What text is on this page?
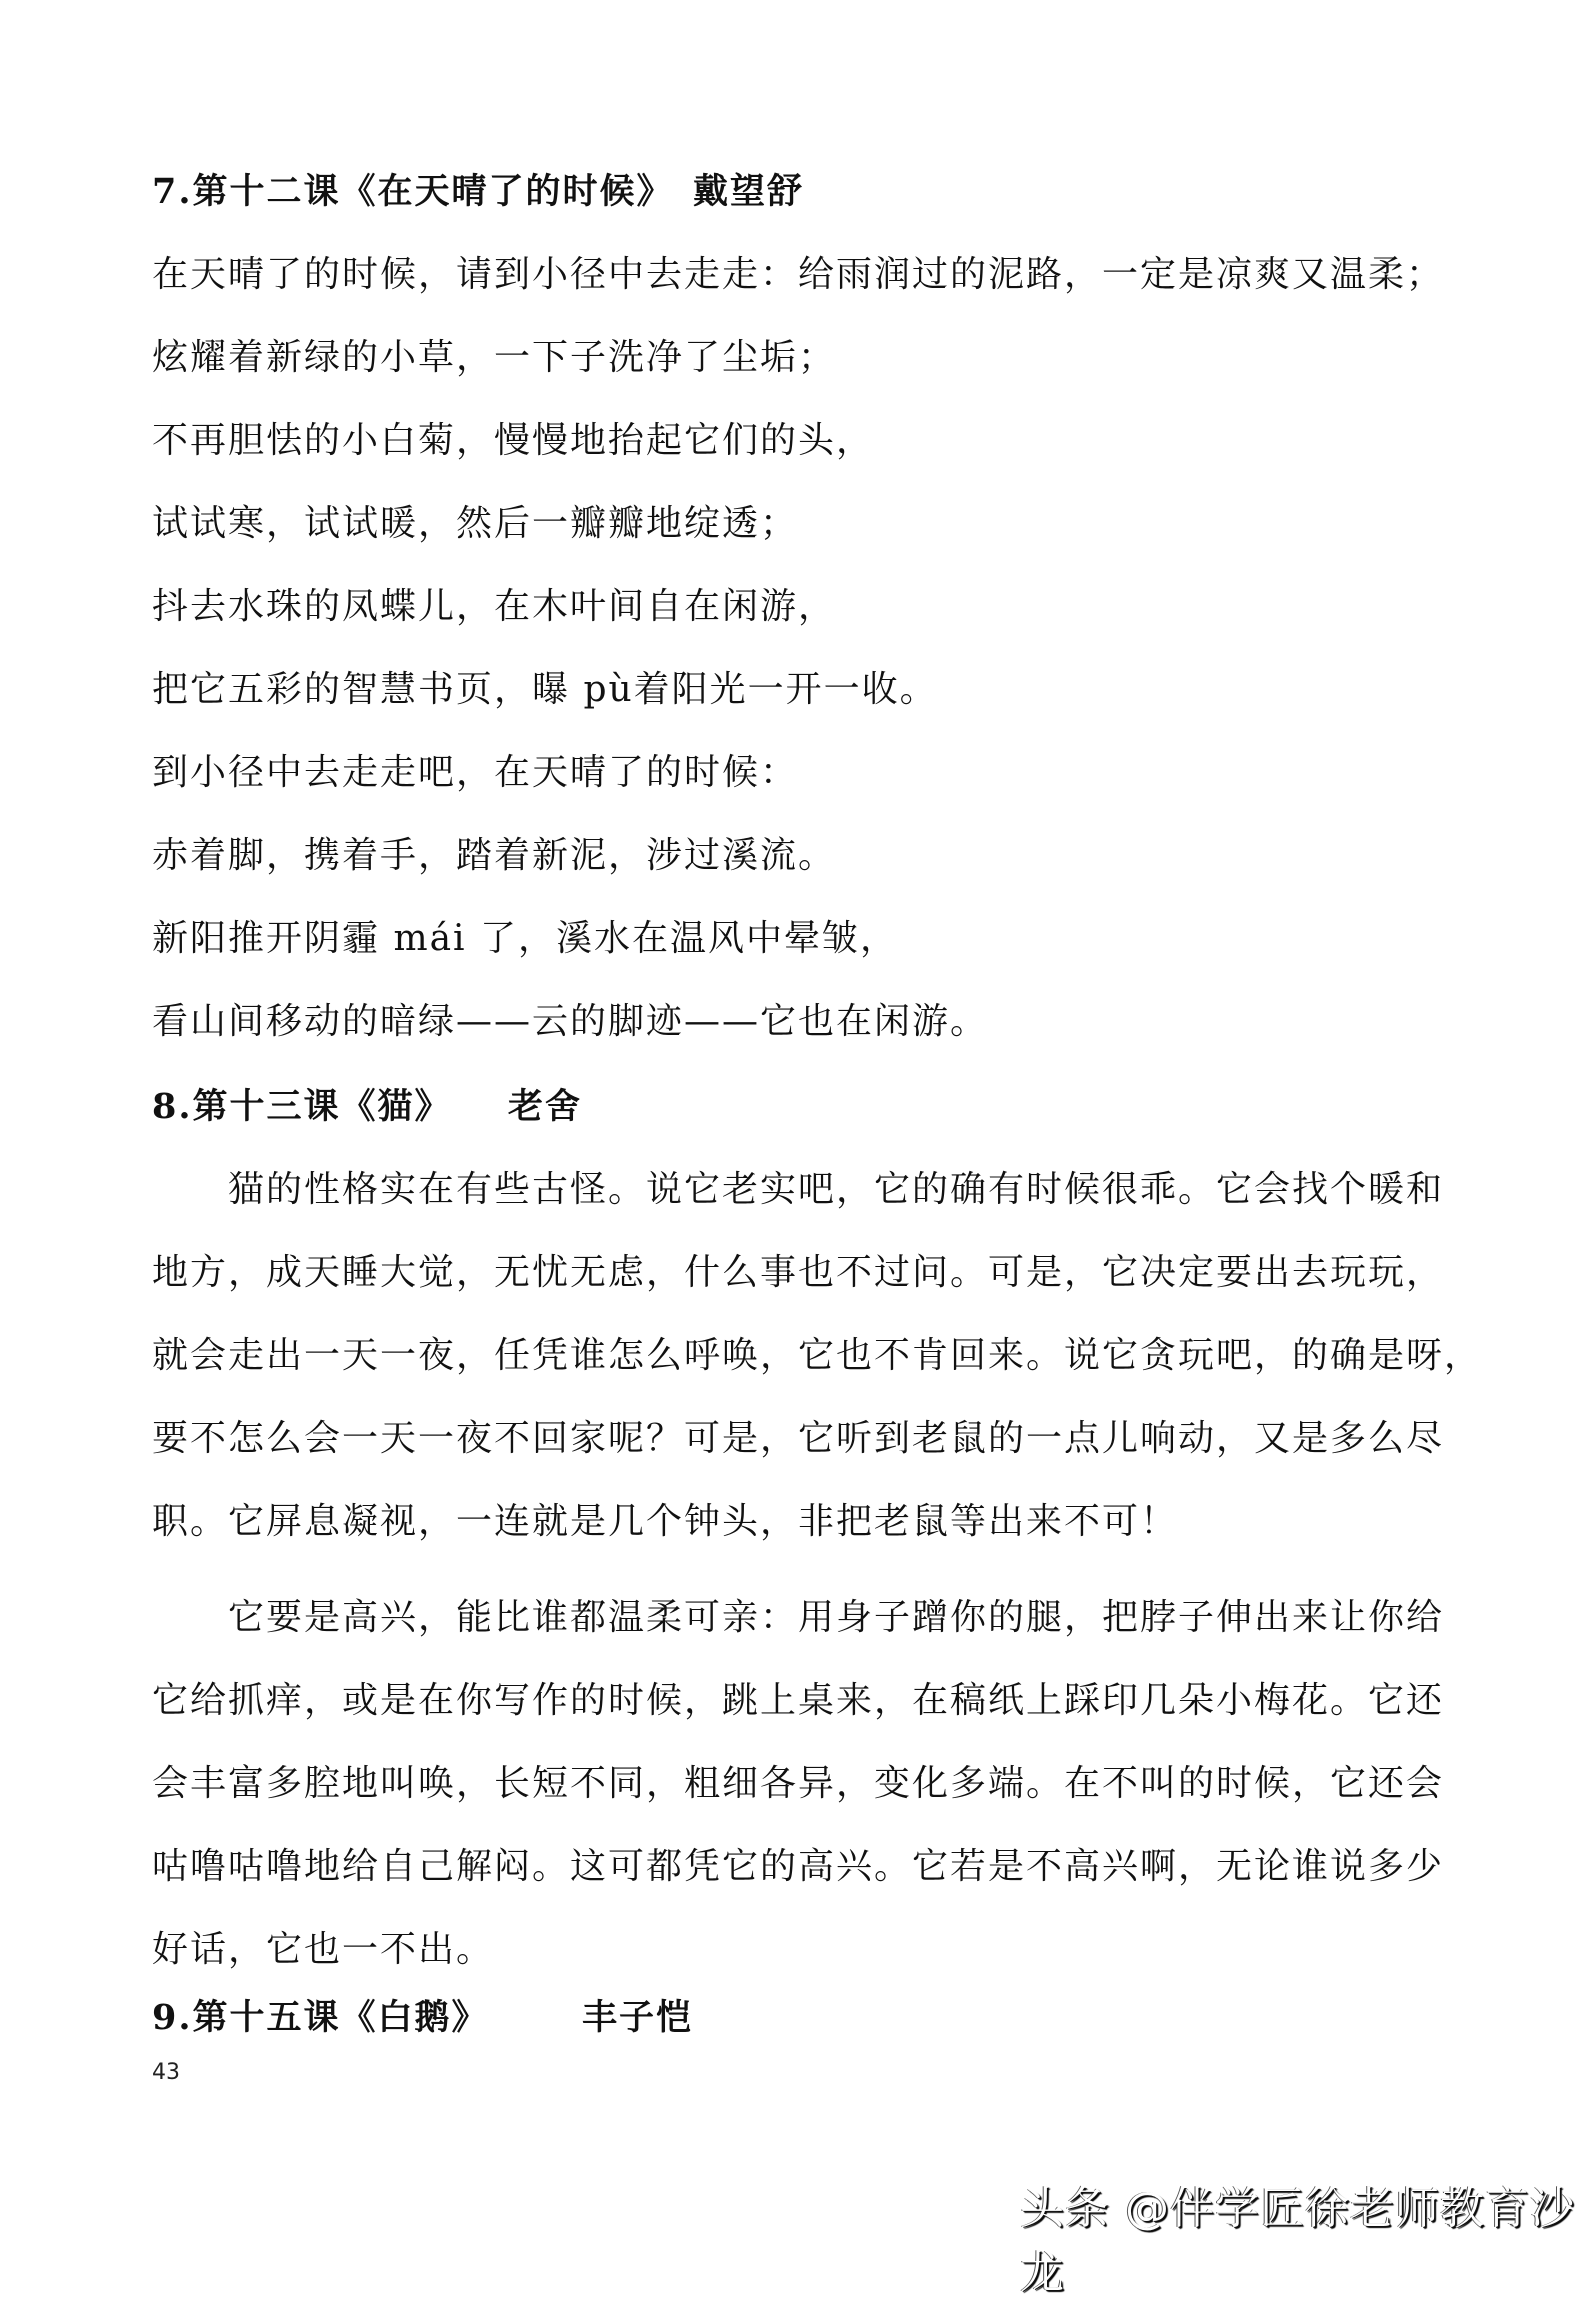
7.第十二课《在天晴了的时候》　戴望舒
在天晴了的时候，请到小径中去走走：给雨润过的泥路，一定是凉爽又温柔；
炫耀着新绿的小草，一下子洗净了尘垢；
不再胆怯的小白菊，慢慢地抬起它们的头，
试试寒，试试暖，然后一瓣瓣地绽透；
抖去水珠的凤蝶儿，在木叶间自在闲游，
把它五彩的智慧书页，曝 pù着阳光一开一收。
到小径中去走走吧，在天晴了的时候：
赤着脚，携着手，踏着新泥，涉过溪流。
新阳推开阴霾 mái 了，溪水在温风中晕皱，
看山间移动的暗绿——云的脚迹——它也在闲游。
8.第十三课《猫》　　老舍
猫的性格实在有些古怪。说它老实吧，它的确有时候很乖。它会找个暖和
地方，成天睡大觉，无忧无虑，什么事也不过问。可是，它决定要出去玩玩，
就会走出一天一夜，任凭谁怎么呼唤，它也不肯回来。说它贪玩吧，的确是呀，
要不怎么会一天一夜不回家呢？可是，它听到老鼠的一点儿响动，又是多么尽
职。它屏息凝视，一连就是几个钟头，非把老鼠等出来不可！
它要是高兴，能比谁都温柔可亲：用身子蹭你的腿，把脖子伸出来让你给
它给抓痒，或是在你写作的时候，跳上桌来，在稿纸上踩印几朵小梅花。它还
会丰富多腔地叫唤，长短不同，粗细各异，变化多端。在不叫的时候，它还会
咕噜咕噜地给自己解闷。这可都凭它的高兴。它若是不高兴啊，无论谁说多少
好话，它也一不出。
9.第十五课《白鹅》　　　丰子恺
43
头条 @伴学匠徐老师教育沙龙
